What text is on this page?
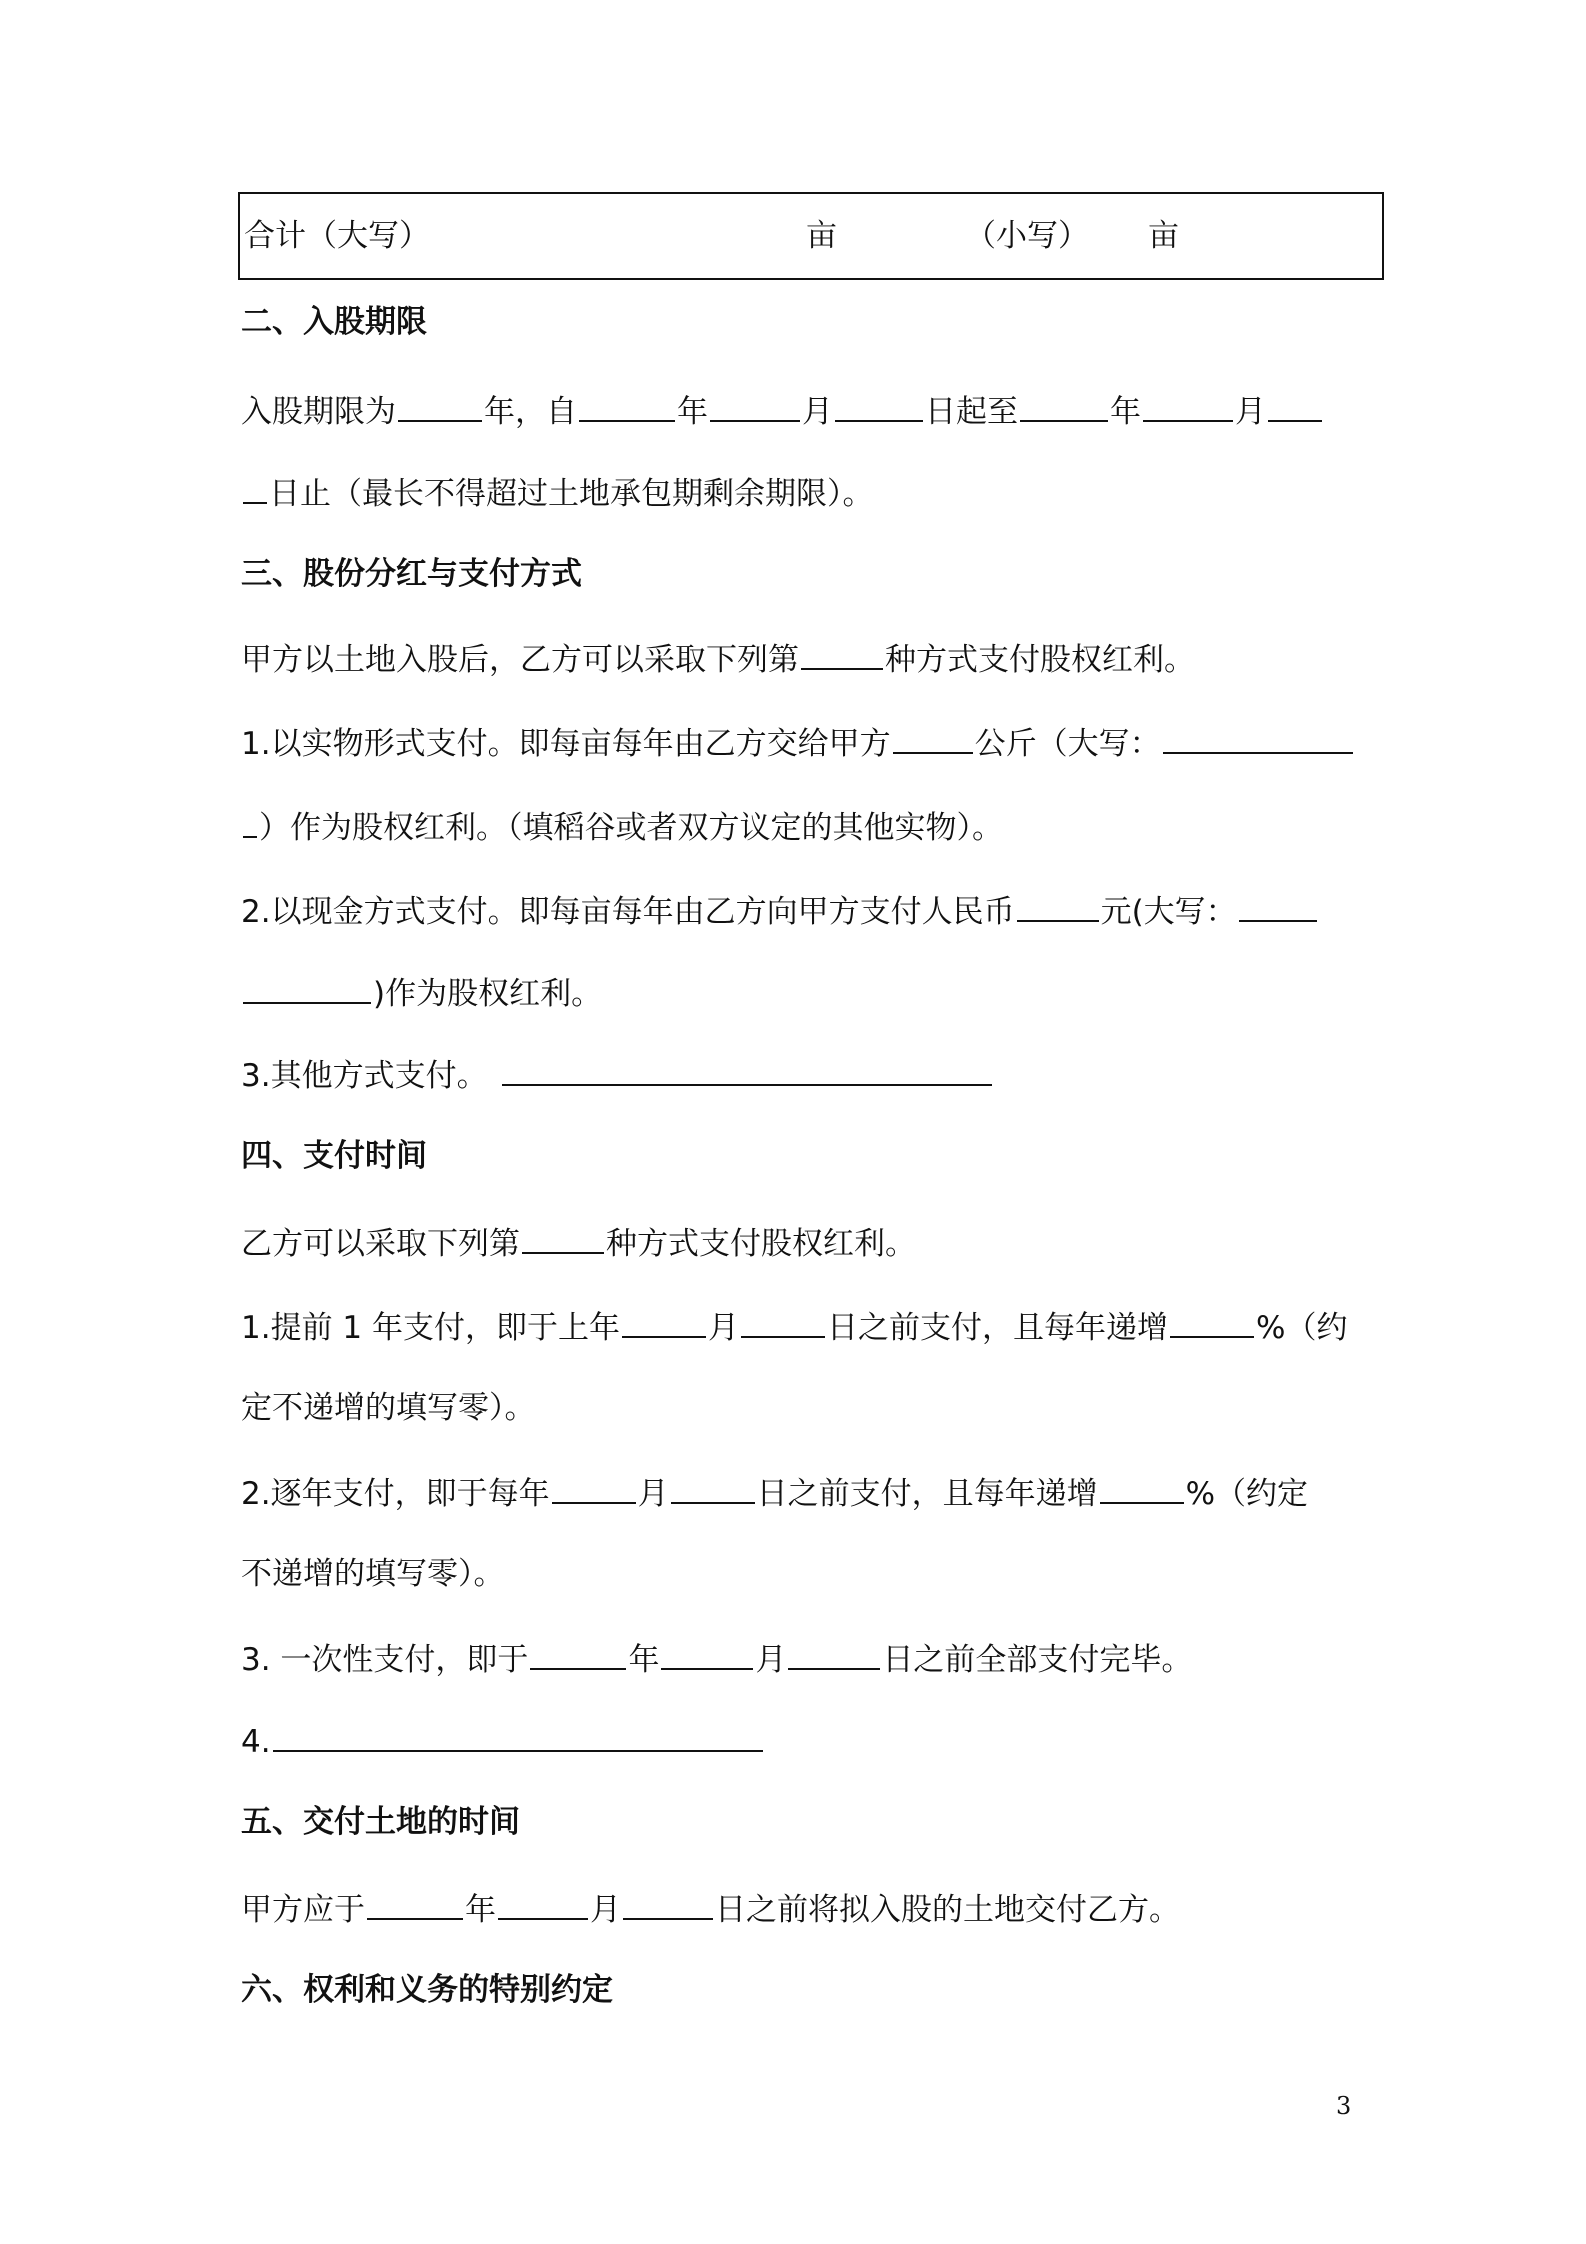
合计（大写）	亩	（小写） 亩
二、入股期限
入股期限为	年，自	年	月	日起至	年	月
日止（最长不得超过土地承包期剩余期限）。
三、股份分红与支付方式
甲方以土地入股后，乙方可以采取下列第	种方式支付股权红利。
1.以实物形式支付。即每亩每年由乙方交给甲方	公斤（大写：
）作为股权红利。（填稻谷或者双方议定的其他实物）。
2.以现金方式支付。即每亩每年由乙方向甲方支付人民币	元(大写：
)作为股权红利。
3.其他方式支付。
四、支付时间
乙方可以采取下列第	种方式支付股权红利。
1.提前 1 年支付，即于上年	月	日之前支付，且每年递增	%（约
定不递增的填写零）。
2.逐年支付，即于每年	月	日之前支付，且每年递增	%（约定
不递增的填写零）。
3. 一次性支付，即于	年	月	日之前全部支付完毕。
4.
五、交付土地的时间
甲方应于	年	月	日之前将拟入股的土地交付乙方。
六、权利和义务的特别约定
3
